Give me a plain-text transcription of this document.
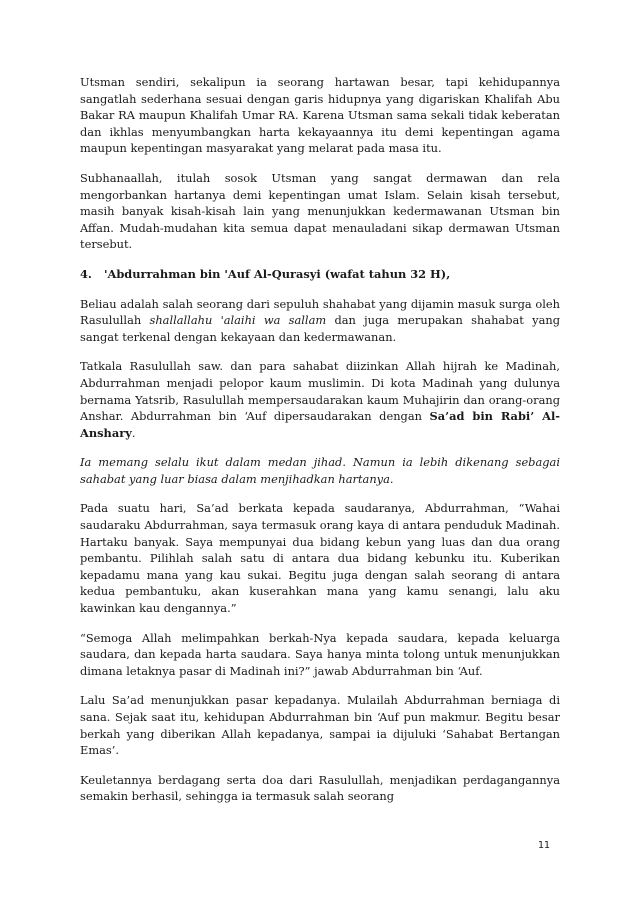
Utsman sendiri, sekalipun ia seorang hartawan besar, tapi kehidupannya sangatlah sederhana sesuai dengan garis hidupnya yang digariskan Khalifah Abu Bakar RA maupun Khalifah Umar RA. Karena Utsman sama sekali tidak keberatan dan ikhlas menyumbangkan harta kekayaannya itu demi kepentingan agama maupun kepentingan masyarakat yang melarat pada masa itu.

Subhanaallah, itulah sosok Utsman yang sangat dermawan dan rela mengorbankan hartanya demi kepentingan umat Islam. Selain kisah tersebut, masih banyak kisah-kisah lain yang menunjukkan kedermawanan Utsman bin Affan. Mudah-mudahan kita semua dapat menauladani sikap dermawan Utsman tersebut.

4. 'Abdurrahman bin 'Auf Al-Qurasyi (wafat tahun 32 H),

Beliau adalah salah seorang dari sepuluh shahabat yang dijamin masuk surga oleh Rasulullah shallallahu 'alaihi wa sallam dan juga merupakan shahabat yang sangat terkenal dengan kekayaan dan kedermawanan.

Tatkala Rasulullah saw. dan para sahabat diizinkan Allah hijrah ke Madinah, Abdurrahman menjadi pelopor kaum muslimin. Di kota Madinah yang dulunya bernama Yatsrib, Rasulullah mempersaudarakan kaum Muhajirin dan orang-orang Anshar. Abdurrahman bin ‘Auf dipersaudarakan dengan Sa’ad bin Rabi’ Al-Anshary.

Ia memang selalu ikut dalam medan jihad. Namun ia lebih dikenang sebagai sahabat yang luar biasa dalam menjihadkan hartanya.

Pada suatu hari, Sa’ad berkata kepada saudaranya, Abdurrahman, “Wahai saudaraku Abdurrahman, saya termasuk orang kaya di antara penduduk Madinah. Hartaku banyak. Saya mempunyai dua bidang kebun yang luas dan dua orang pembantu. Pilihlah salah satu di antara dua bidang kebunku itu. Kuberikan kepadamu mana yang kau sukai. Begitu juga dengan salah seorang di antara kedua pembantuku, akan kuserahkan mana yang kamu senangi, lalu aku kawinkan kau dengannya.”

“Semoga Allah melimpahkan berkah-Nya kepada saudara, kepada keluarga saudara, dan kepada harta saudara. Saya hanya minta tolong untuk menunjukkan dimana letaknya pasar di Madinah ini?” jawab Abdurrahman bin ‘Auf.

Lalu Sa’ad menunjukkan pasar kepadanya. Mulailah Abdurrahman berniaga di sana. Sejak saat itu, kehidupan Abdurrahman bin ‘Auf pun makmur. Begitu besar berkah yang diberikan Allah kepadanya, sampai ia dijuluki ‘Sahabat Bertangan Emas’.

Keuletannya berdagang serta doa dari Rasulullah, menjadikan perdagangannya semakin berhasil, sehingga ia termasuk salah seorang

11
